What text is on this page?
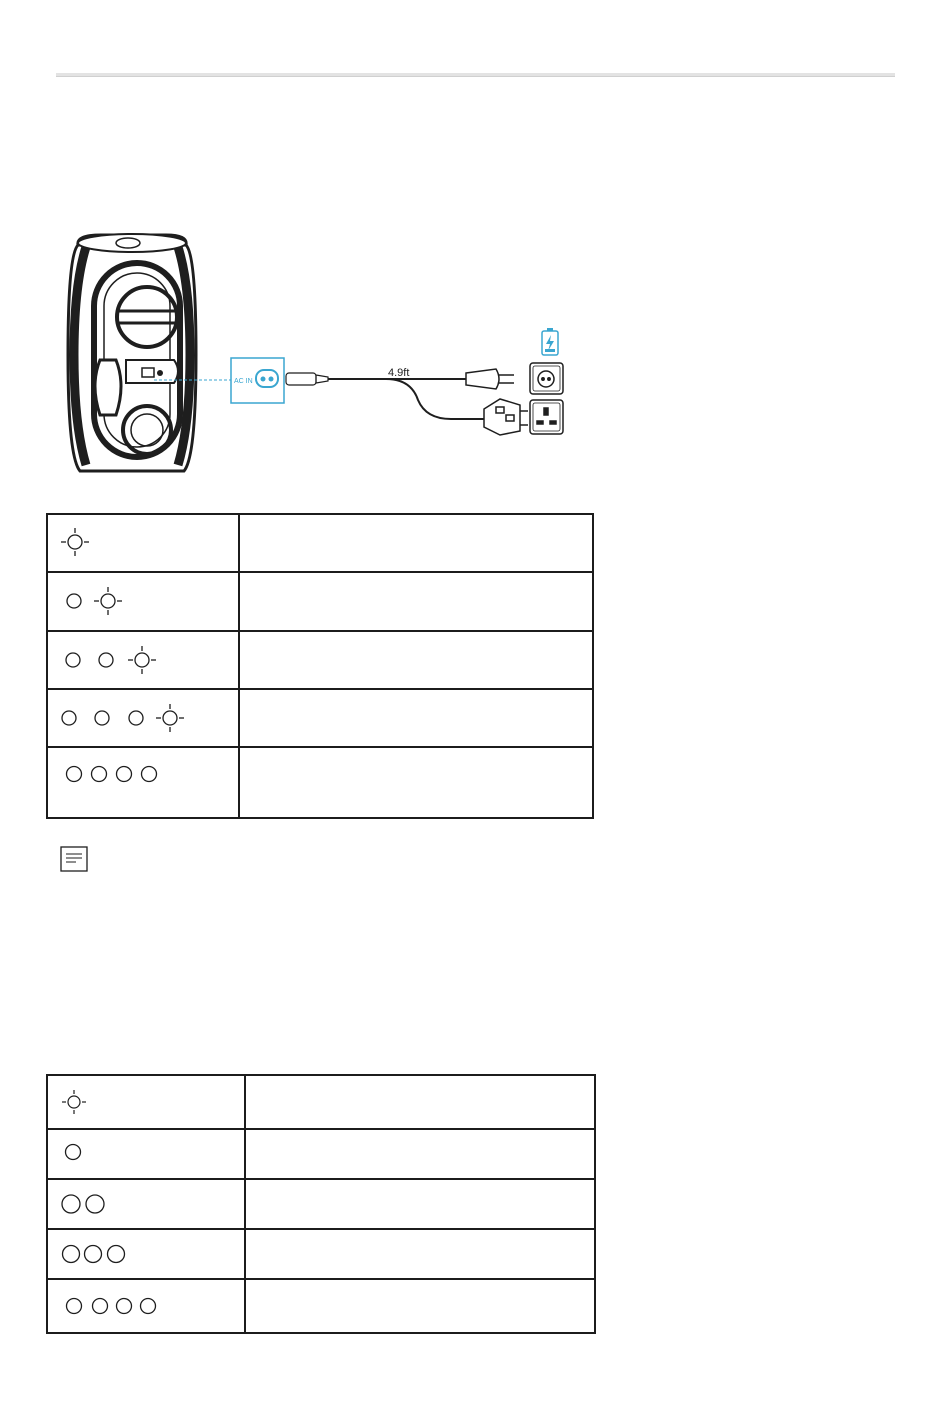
soundcore
AC IN
4.9ft
